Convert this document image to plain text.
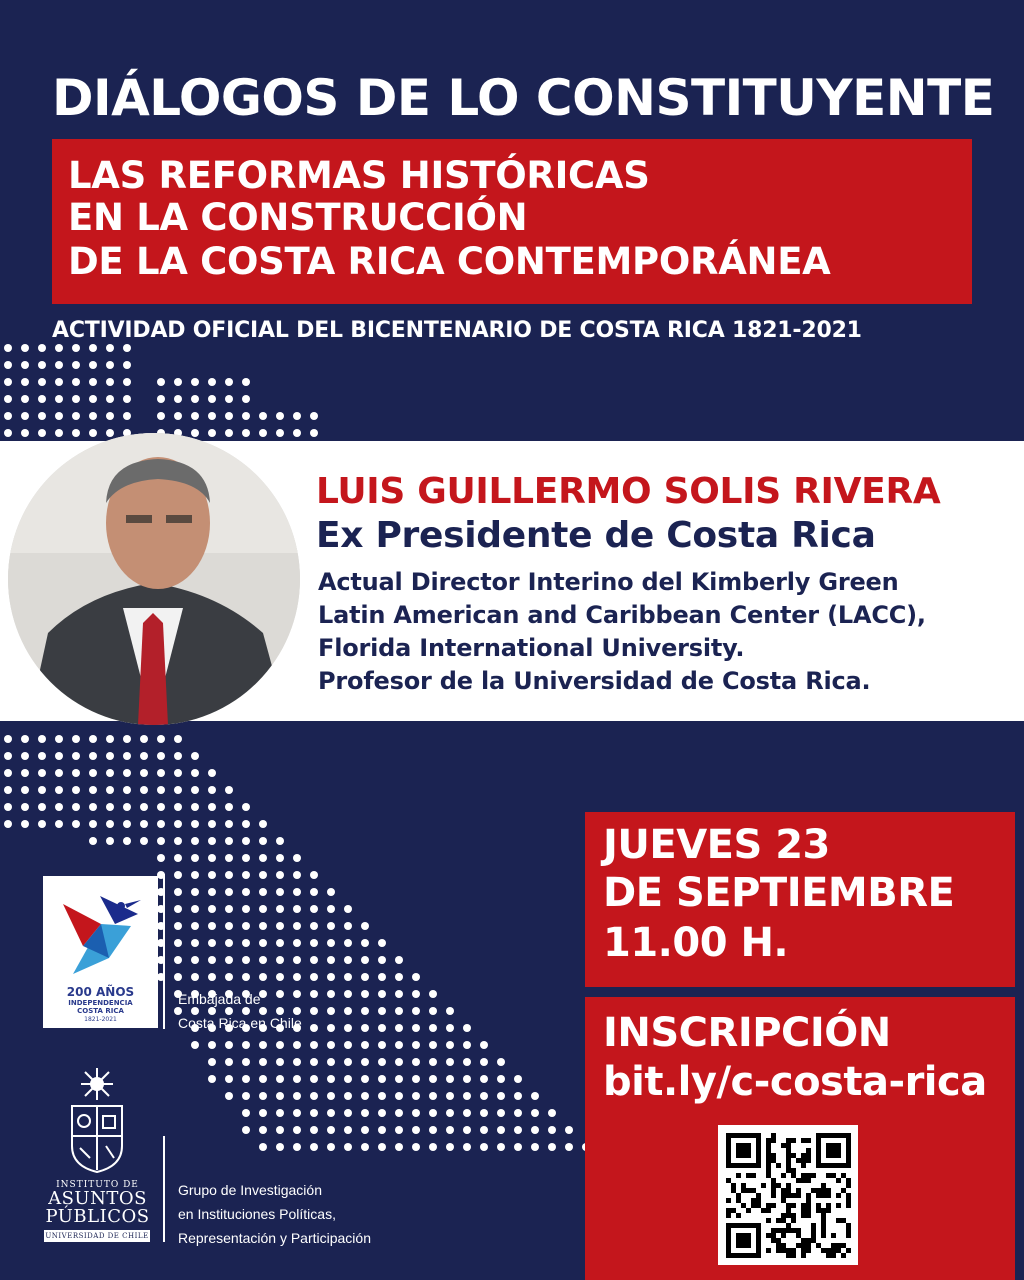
DIÁLOGOS DE LO CONSTITUYENTE
LAS REFORMAS HISTÓRICAS
EN LA CONSTRUCCIÓN
DE LA COSTA RICA CONTEMPORÁNEA
ACTIVIDAD OFICIAL DEL BICENTENARIO DE COSTA RICA 1821-2021
LUIS GUILLERMO SOLIS RIVERA
Ex Presidente de Costa Rica
Actual Director Interino del Kimberly Green
Latin American and Caribbean Center (LACC),
Florida International University.
Profesor de la Universidad de Costa Rica.
JUEVES 23
DE SEPTIEMBRE
11.00 H.
INSCRIPCIÓN
bit.ly/c-costa-rica
200 AÑOS
INDEPENDENCIA
COSTA RICA
1821-2021
Embajada de
Costa Rica en Chile
INSTITUTO DE
ASUNTOS
PÚBLICOS
UNIVERSIDAD DE CHILE
Grupo de Investigación
en Instituciones Políticas,
Representación y Participación
